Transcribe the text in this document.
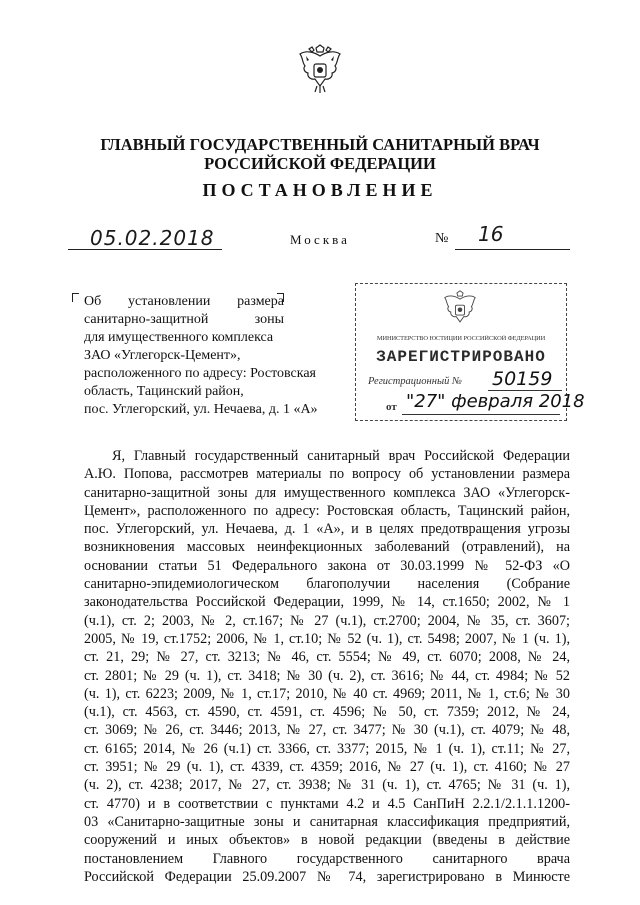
ГЛАВНЫЙ ГОСУДАРСТВЕННЫЙ САНИТАРНЫЙ ВРАЧ
РОССИЙСКОЙ ФЕДЕРАЦИИ
ПОСТАНОВЛЕНИЕ
05.02.2018	Москва	№ 16
Об установлении размера
санитарно-защитной зоны
для имущественного комплекса
ЗАО «Углегорск-Цемент»,
расположенного по адресу: Ростовская
область, Тацинский район,
пос. Углегорский, ул. Нечаева, д. 1 «А»
МИНИСТЕРСТВО ЮСТИЦИИ РОССИЙСКОЙ ФЕДЕРАЦИИ
ЗАРЕГИСТРИРОВАНО
Регистрационный № 50159
от "27" февраля 2018
Я, Главный государственный санитарный врач Российской Федерации
А.Ю. Попова, рассмотрев материалы по вопросу об установлении размера
санитарно-защитной зоны для имущественного комплекса ЗАО «Углегорск-
Цемент», расположенного по адресу: Ростовская область, Тацинский район,
пос. Углегорский, ул. Нечаева, д. 1 «А», и в целях предотвращения угрозы
возникновения массовых неинфекционных заболеваний (отравлений), на
основании статьи 51 Федерального закона от 30.03.1999 № 52-ФЗ «О
санитарно-эпидемиологическом благополучии населения (Собрание
законодательства Российской Федерации, 1999, № 14, ст.1650; 2002, № 1
(ч.1), ст. 2; 2003, № 2, ст.167; № 27 (ч.1), ст.2700; 2004, № 35, ст. 3607;
2005, № 19, ст.1752; 2006, № 1, ст.10; № 52 (ч. 1), ст. 5498; 2007, № 1 (ч. 1),
ст. 21, 29; № 27, ст. 3213; № 46, ст. 5554; № 49, ст. 6070; 2008, № 24,
ст. 2801; № 29 (ч. 1), ст. 3418; № 30 (ч. 2), ст. 3616; № 44, ст. 4984; № 52
(ч. 1), ст. 6223; 2009, № 1, ст.17; 2010, № 40 ст. 4969; 2011, № 1, ст.6; № 30
(ч.1), ст. 4563, ст. 4590, ст. 4591, ст. 4596; № 50, ст. 7359; 2012, № 24,
ст. 3069; № 26, ст. 3446; 2013, № 27, ст. 3477; № 30 (ч.1), ст. 4079; № 48,
ст. 6165; 2014, № 26 (ч.1) ст. 3366, ст. 3377; 2015, № 1 (ч. 1), ст.11; № 27,
ст. 3951; № 29 (ч. 1), ст. 4339, ст. 4359; 2016, № 27 (ч. 1), ст. 4160; № 27
(ч. 2), ст. 4238; 2017, № 27, ст. 3938; № 31 (ч. 1), ст. 4765; № 31 (ч. 1),
ст. 4770) и в соответствии с пунктами 4.2 и 4.5 СанПиН 2.2.1/2.1.1.1200-
03 «Санитарно-защитные зоны и санитарная классификация предприятий,
сооружений и иных объектов» в новой редакции (введены в действие
постановлением Главного государственного санитарного врача
Российской Федерации 25.09.2007 № 74, зарегистрировано в Минюсте
